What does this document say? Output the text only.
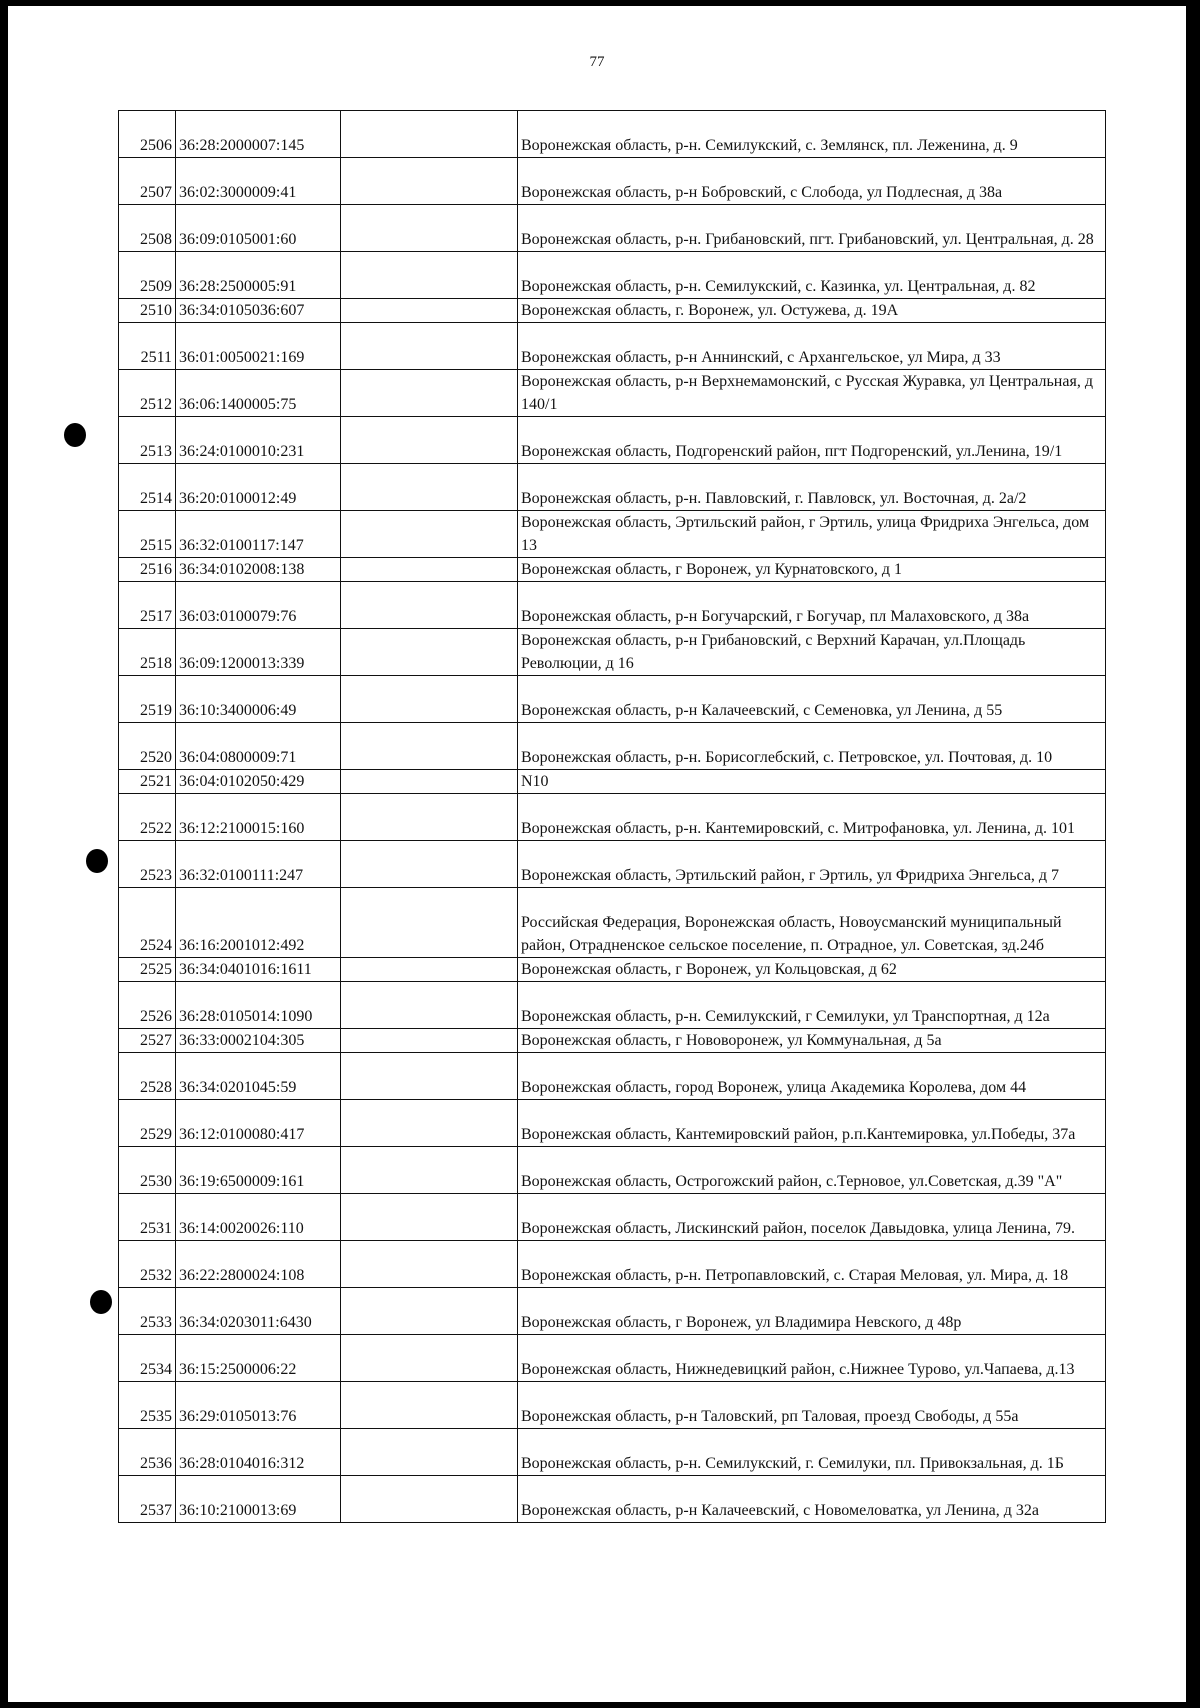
77
2506	36:28:2000007:145		Воронежская область, р-н. Семилукский, с. Землянск, пл. Леженина, д. 9
2507	36:02:3000009:41		Воронежская область, р-н Бобровский, с Слобода, ул Подлесная, д 38а
2508	36:09:0105001:60		Воронежская область, р-н. Грибановский, пгт. Грибановский, ул. Центральная, д. 28
2509	36:28:2500005:91		Воронежская область, р-н. Семилукский, с. Казинка, ул. Центральная, д. 82
2510	36:34:0105036:607		Воронежская область, г. Воронеж, ул. Остужева, д. 19А
2511	36:01:0050021:169		Воронежская область, р-н Аннинский, с Архангельское, ул Мира, д 33
2512	36:06:1400005:75		Воронежская область, р-н Верхнемамонский, с Русская Журавка, ул Центральная, д 140/1
2513	36:24:0100010:231		Воронежская область, Подгоренский район, пгт Подгоренский, ул.Ленина, 19/1
2514	36:20:0100012:49		Воронежская область, р-н. Павловский, г. Павловск, ул. Восточная, д. 2а/2
2515	36:32:0100117:147		Воронежская область, Эртильский район, г Эртиль, улица Фридриха Энгельса, дом 13
2516	36:34:0102008:138		Воронежская область, г Воронеж, ул Курнатовского, д 1
2517	36:03:0100079:76		Воронежская область, р-н Богучарский, г Богучар, пл Малаховского, д 38а
2518	36:09:1200013:339		Воронежская область, р-н Грибановский, с Верхний Карачан, ул.Площадь Революции, д 16
2519	36:10:3400006:49		Воронежская область, р-н Калачеевский, с Семеновка, ул Ленина, д 55
2520	36:04:0800009:71		Воронежская область, р-н. Борисоглебский, с. Петровское, ул. Почтовая, д. 10
2521	36:04:0102050:429		N10
2522	36:12:2100015:160		Воронежская область, р-н. Кантемировский, с. Митрофановка, ул. Ленина, д. 101
2523	36:32:0100111:247		Воронежская область, Эртильский район, г Эртиль, ул Фридриха Энгельса, д 7
2524	36:16:2001012:492		Российская Федерация, Воронежская область, Новоусманский муниципальный район, Отрадненское сельское поселение, п. Отрадное, ул. Советская, зд.24б
2525	36:34:0401016:1611		Воронежская область, г Воронеж, ул Кольцовская, д 62
2526	36:28:0105014:1090		Воронежская область, р-н. Семилукский, г Семилуки, ул Транспортная, д 12а
2527	36:33:0002104:305		Воронежская область, г Нововоронеж, ул Коммунальная, д 5а
2528	36:34:0201045:59		Воронежская область, город Воронеж, улица Академика Королева, дом 44
2529	36:12:0100080:417		Воронежская область, Кантемировский район, р.п.Кантемировка, ул.Победы, 37а
2530	36:19:6500009:161		Воронежская область, Острогожский район, с.Терновое, ул.Советская, д.39 "А"
2531	36:14:0020026:110		Воронежская область, Лискинский район, поселок Давыдовка, улица Ленина, 79.
2532	36:22:2800024:108		Воронежская область, р-н. Петропавловский, с. Старая Меловая, ул. Мира, д. 18
2533	36:34:0203011:6430		Воронежская область, г Воронеж, ул Владимира Невского, д 48р
2534	36:15:2500006:22		Воронежская область, Нижнедевицкий район, с.Нижнее Турово, ул.Чапаева, д.13
2535	36:29:0105013:76		Воронежская область, р-н Таловский, рп Таловая, проезд Свободы, д 55а
2536	36:28:0104016:312		Воронежская область, р-н. Семилукский, г. Семилуки, пл. Привокзальная, д. 1Б
2537	36:10:2100013:69		Воронежская область, р-н Калачеевский, с Новомеловатка, ул Ленина, д 32а
